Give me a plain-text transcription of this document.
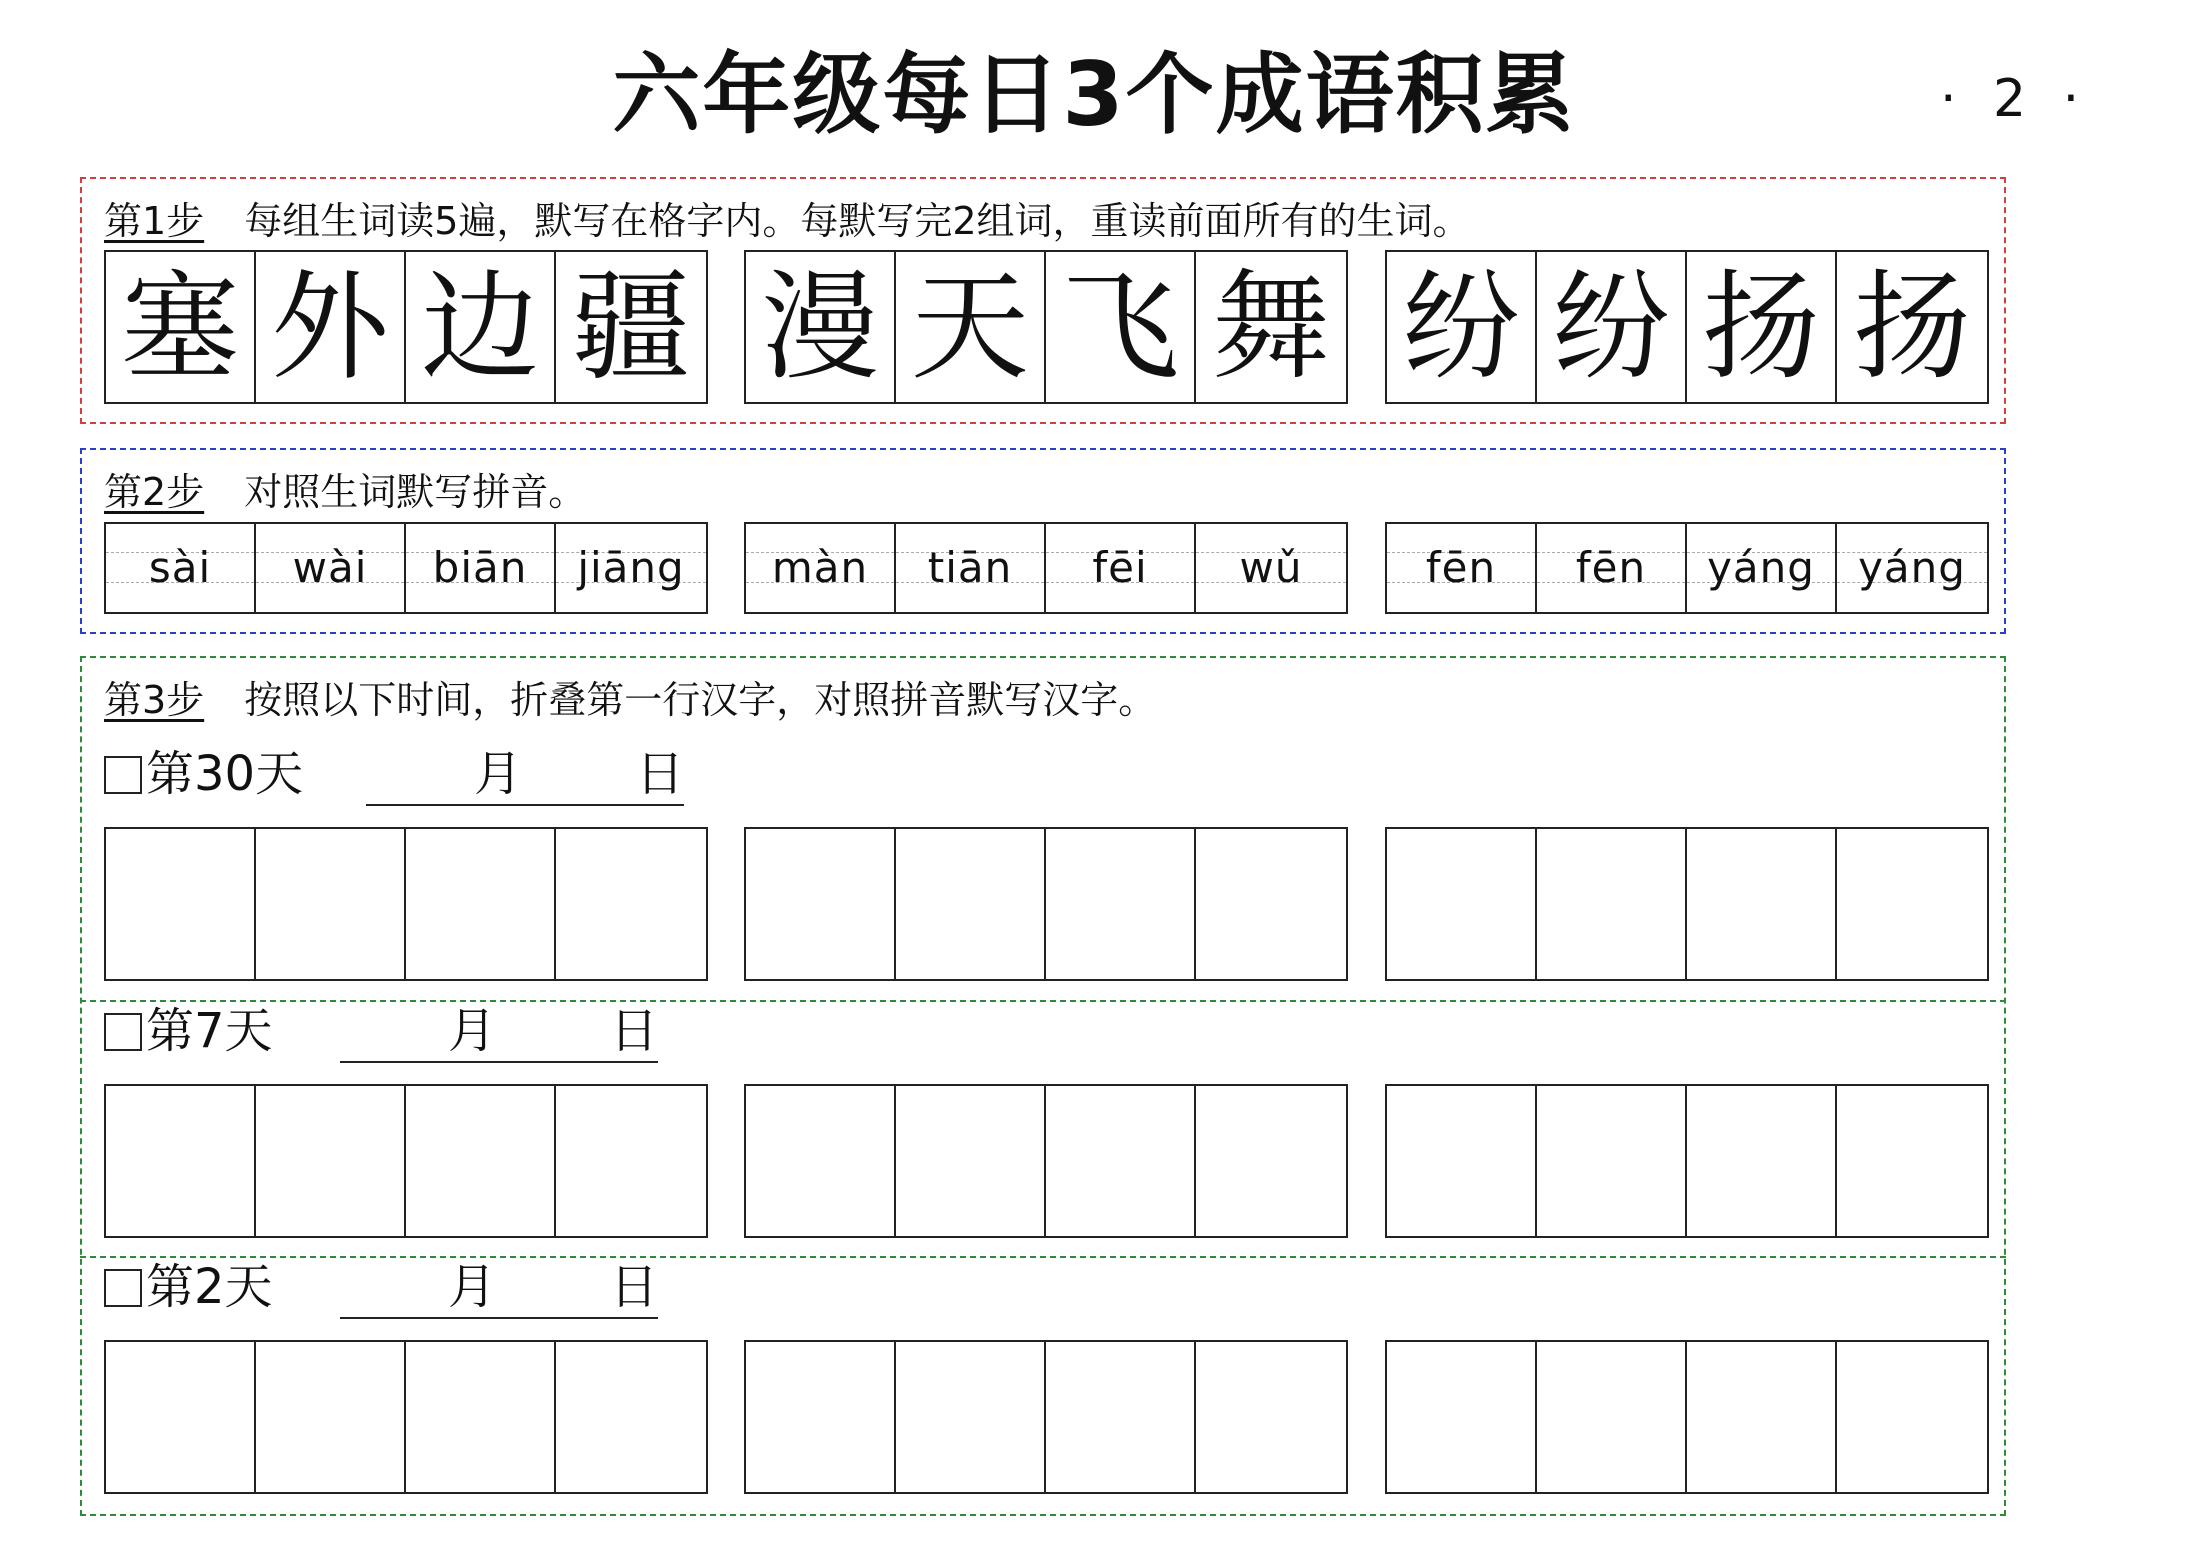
六年级每日3个成语积累	· 2 ·
第1步 每组生词读5遍，默写在格字内。每默写完2组词，重读前面所有的生词。
塞 外 边 疆 漫 天 飞 舞 纷 纷 扬 扬
第2步 对照生词默写拼音。
sài wài biān jiāng màn tiān fēi wǔ	fēn fēn yáng yáng
第3步 按照以下时间，折叠第一行汉字，对照拼音默写汉字。
第30天	月 日
第7天	月 日
第2天	月 日
